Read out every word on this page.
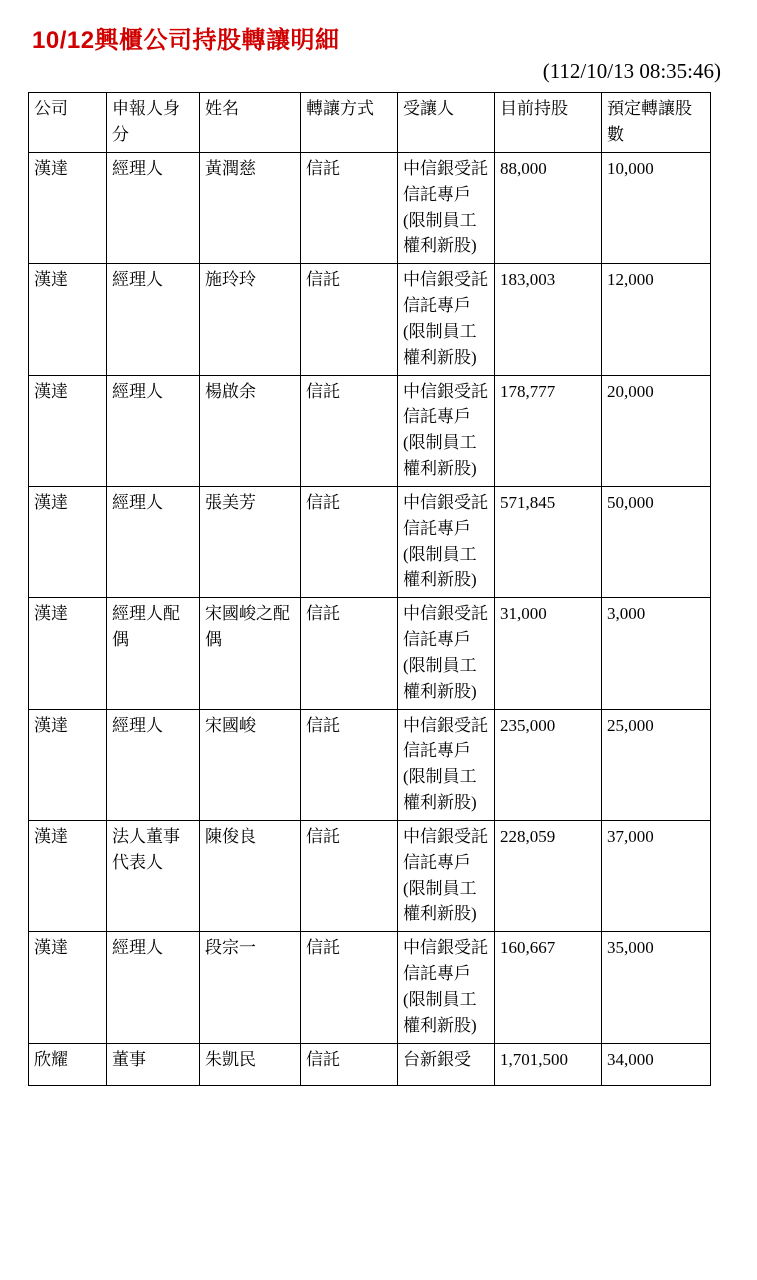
10/12興櫃公司持股轉讓明細
(112/10/13 08:35:46)
公司	申報人身分	姓名	轉讓方式	受讓人	目前持股	預定轉讓股數
漢達	經理人	黃潤慈	信託	中信銀受託信託專戶(限制員工權利新股)	88,000	10,000
漢達	經理人	施玲玲	信託	中信銀受託信託專戶(限制員工權利新股)	183,003	12,000
漢達	經理人	楊啟余	信託	中信銀受託信託專戶(限制員工權利新股)	178,777	20,000
漢達	經理人	張美芳	信託	中信銀受託信託專戶(限制員工權利新股)	571,845	50,000
漢達	經理人配偶	宋國峻之配偶	信託	中信銀受託信託專戶(限制員工權利新股)	31,000	3,000
漢達	經理人	宋國峻	信託	中信銀受託信託專戶(限制員工權利新股)	235,000	25,000
漢達	法人董事代表人	陳俊良	信託	中信銀受託信託專戶(限制員工權利新股)	228,059	37,000
漢達	經理人	段宗一	信託	中信銀受託信託專戶(限制員工權利新股)	160,667	35,000
欣耀	董事	朱凱民	信託	台新銀受	1,701,500	34,000
